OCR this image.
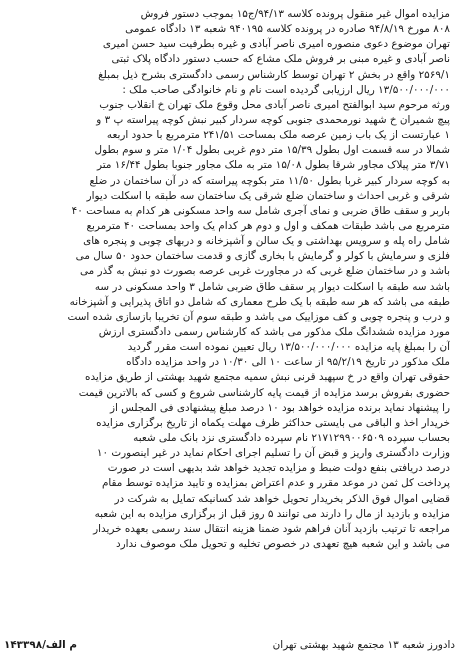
مزایده اموال غیر منقول پرونده کلاسه ۹۴/۱۳/ج۱۵ بموجب دستور فروش
۸۰۸ مورخ ۹۴/۸/۱۹ صادره در پرونده کلاسه ۹۴۰۱۹۵ شعبه ۱۳ دادگاه عمومی
تهران موضوع دعوی منصوره امیری ناصر آبادی و غیره بطرفیت سید حسن امیری
ناصر آبادی و غیره مبنی بر فروش ملک مشاع که حسب دستور دادگاه پلاک ثبتی
۲۵۶۹/۱ واقع در بخش ۲ تهران توسط کارشناس رسمی دادگستری بشرح ذیل بمبلغ
۱۳/۵۰۰/۰۰۰/۰۰۰ ریال ارزیابی گردیده است نام و نام خانوادگی صاحب ملک :
ورثه مرحوم سید ابوالفتح امیری ناصر آبادی محل وقوع ملک تهران خ انقلاب جنوب
پیچ شمیران خ شهید نورمحمدی جنوبی کوچه سردار کبیر نبش کوچه پیراسته پ ۳ و
۱ عبارتست از یک باب زمین عرصه ملک بمساحت ۲۴۱/۵۱ مترمربع با حدود اربعه
شمالا در سه قسمت اول بطول ۱۵/۳۹ متر دوم غربی بطول ۱/۰۴ متر و سوم بطول
۳/۷۱ متر پیلاک مجاور شرقا بطول ۱۵/۰۸ متر به ملک مجاور جنوبا بطول ۱۶/۴۴ متر
به کوچه سردار کبیر غربا بطول ۱۱/۵۰ متر بکوچه پیراسته که در آن ساختمان در ضلع
شرقی و غربی احداث و ساختمان ضلع شرقی یک ساختمان سه طبقه با اسکلت دیوار
باربر و سقف طاق ضربی و نمای آجری شامل سه واحد مسکونی هر کدام به مساحت ۴۰
مترمربع می باشد طبقات همکف و اول و دوم هر کدام یک واحد بمساحت ۴۰ مترمربع
شامل راه پله و سرویس بهداشتی و یک سالن و آشپزخانه و دربهای چوبی و پنجره های
فلزی و سرمایش با کولر و گرمایش با بخاری گازی و قدمت ساختمان حدود ۵۰ سال می
باشد و در ساختمان ضلع غربی که در مجاورت غربی عرصه بصورت دو نبش به گذر می
باشد سه طبقه با اسکلت دیوار پر سقف طاق ضربی شامل ۳ واحد مسکونی در سه
طبقه می باشد که هر سه طبقه با یک طرح معماری که شامل دو اتاق پذیرایی و آشپزخانه
و درب و پنجره چوبی و کف موزاییک می باشد و طبقه سوم آن تخریبا بازسازی شده است
مورد مزایده ششدانگ ملک مذکور می باشد که کارشناس رسمی دادگستری ارزش
آن را بمبلغ پایه مزایده ۱۳/۵۰۰/۰۰۰/۰۰۰ ریال تعیین نموده است مقرر گردید
ملک مذکور در تاریخ ۹۵/۲/۱۹ از ساعت ۱۰ الی ۱۰/۳۰ در واحد مزایده دادگاه
حقوقی تهران واقع در خ سپهبد قرنی نبش سمیه مجتمع شهید بهشتی از طریق مزایده
حضوری بفروش برسد مزایده از قیمت پایه کارشناسی شروع و کسی که بالاترین قیمت
را پیشنهاد نماید برنده مزایده خواهد بود ۱۰ درصد مبلغ پیشنهادی فی المجلس از
خریدار اخذ و الباقی می بایستی حداکثر ظرف مهلت یکماه از تاریخ برگزاری مزایده
بحساب سپرده ۲۱۷۱۲۹۹۰۰۶۵۰۹ نام سپرده دادگستری نزد بانک ملی شعبه
وزارت دادگستری واریز و قبض آن را تسلیم اجرای احکام نماید در غیر اینصورت ۱۰
درصد دریافتی بنفع دولت ضبط و مزایده تجدید خواهد شد بدیهی است در صورت
پرداخت کل ثمن در موعد مقرر و عدم اعتراض بمزایده و تایید مزایده توسط مقام
قضایی اموال فوق الذکر بخریدار تحویل خواهد شد کسانیکه تمایل به شرکت در
مزایده و بازدید از مال را دارند می توانند ۵ روز قبل از برگزاری مزایده به این شعبه
مراجعه تا ترتیب بازدید آنان فراهم شود ضمنا هزینه انتقال سند رسمی بعهده خریدار
می باشد و این شعبه هیچ تعهدی در خصوص تخلیه و تحویل ملک موصوف ندارد
دادورز شعبه ۱۳ مجتمع شهید بهشتی تهران
م الف/۱۴۳۳۹۸
